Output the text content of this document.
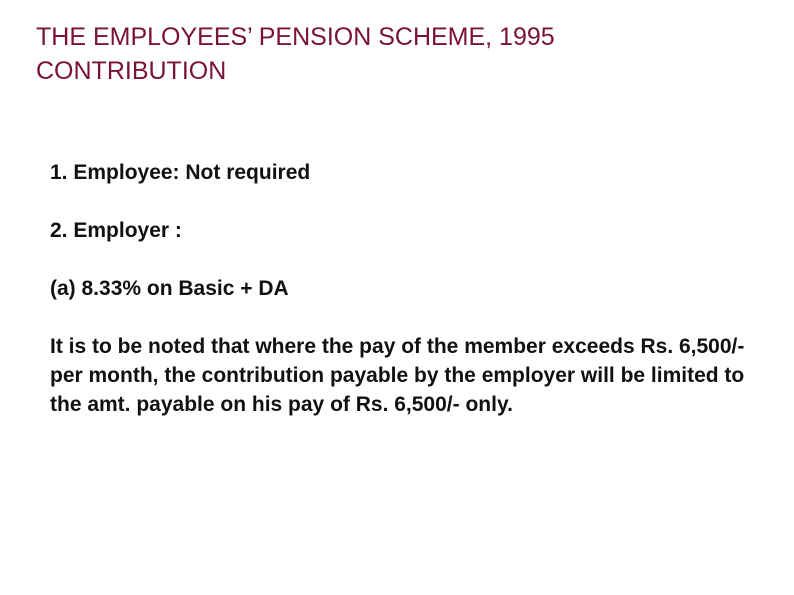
THE EMPLOYEES’ PENSION SCHEME, 1995
CONTRIBUTION

1. Employee: Not required

2. Employer :

(a) 8.33% on Basic + DA

It is to be noted that where the pay of the member exceeds Rs. 6,500/- per month, the contribution payable by the employer will be limited to the amt. payable on his pay of Rs. 6,500/- only.
